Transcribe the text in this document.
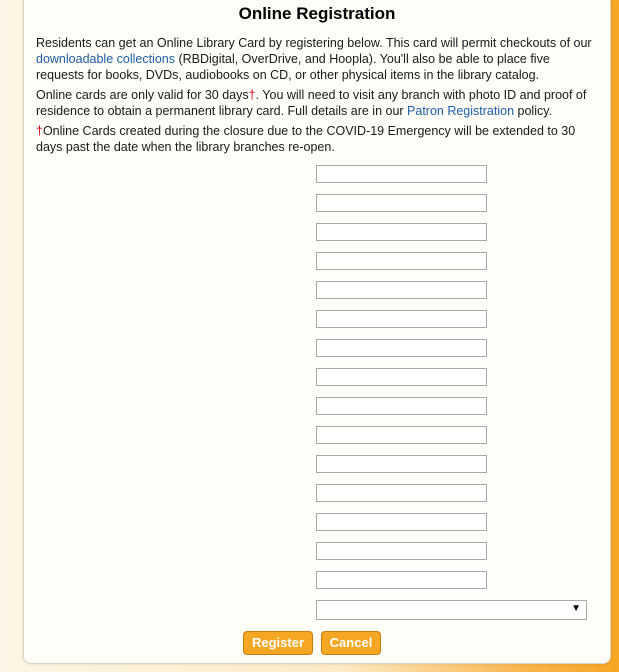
Online Registration
Residents can get an Online Library Card by registering below. This card will permit checkouts of our downloadable collections (RBDigital, OverDrive, and Hoopla). You'll also be able to place five requests for books, DVDs, audiobooks on CD, or other physical items in the library catalog.
Online cards are only valid for 30 days†. You will need to visit any branch with photo ID and proof of residence to obtain a permanent library card. Full details are in our Patron Registration policy.
†Online Cards created during the closure due to the COVID-19 Emergency will be extended to 30 days past the date when the library branches re-open.
▼
Register	Cancel
